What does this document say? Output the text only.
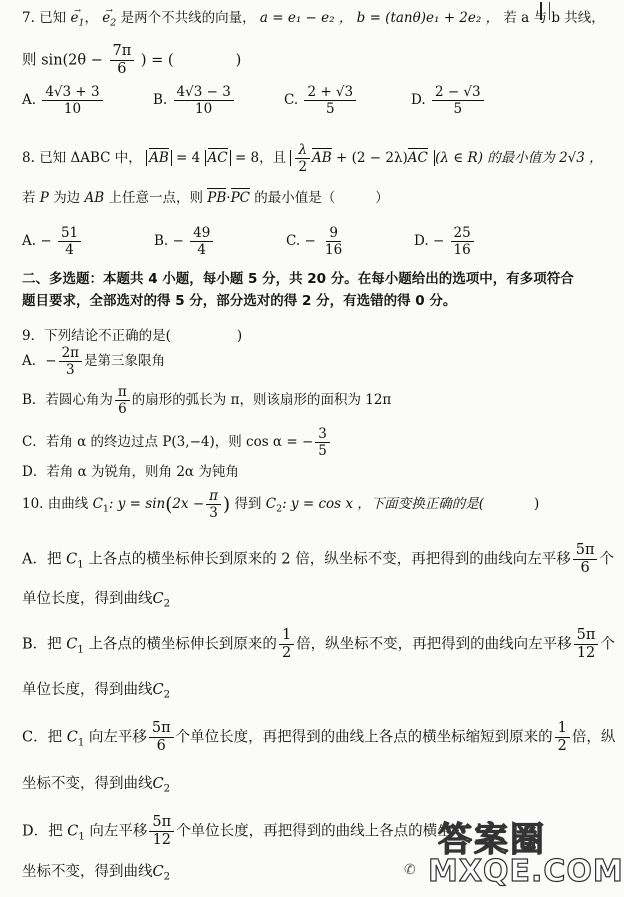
7. 已知 → $e_1$， → $e_2$ 是两个不共线的向量， a = e₁ − e₂ ， b = (tanθ)e₁ + 2e₂ ， 若 a 与 b 共线，
则 $\sin(2\theta - \frac{7\pi}{6}$ ) = (	)
A. $\frac{4√3 + 3}{10}$	B. $\frac{4√3 - 3}{10}$	C. $\frac{2 + √3}{5}$	D. $\frac{2 - √3}{5}$
8. 已知 ΔABC 中， AB = 4 AC = 8，且 $\frac{\lambda}{2}$ AB + (2 − 2λ)AC (λ ∈ R) 的最小值为 2√3 ，
若 P 为边 AB 上任意一点，则 PB·PC 的最小值是（	）
A. − $\frac{51}{4}$	B. − $\frac{49}{4}$	C. − $\frac{9}{16}$	D. − $\frac{25}{16}$
二、多选题：本题共 4 小题，每小题 5 分，共 20 分。在每小题给出的选项中，有多项符合
题目要求，全部选对的得 5 分，部分选对的得 2 分，有选错的得 0 分。
9．下列结论不正确的是(	)
A．− $\frac{2\pi}{3}$ 是第三象限角
B．若圆心角为 $\frac{\pi}{6}$ 的扇形的弧长为 π，则该扇形的面积为 12π
C．若角 α 的终边过点 P(3,−4)，则 cos α = − $\frac{3}{5}$
D．若角 α 为锐角，则角 2α 为钝角
10. 由曲线 $C_1$: $y = \sin(2x - \frac{\pi}{3}$ ) 得到 $C_2$: y = cos x ，下面变换正确的是(	)
A．把 $C_1$ 上各点的横坐标伸长到原来的 2 倍，纵坐标不变，再把得到的曲线向左平移 $\frac{5\pi}{6}$ 个
单位长度，得到曲线$C_2$
B．把 $C_1$ 上各点的横坐标伸长到原来的 $\frac{1}{2}$ 倍，纵坐标不变，再把得到的曲线向左平移 $\frac{5\pi}{12}$ 个
单位长度，得到曲线$C_2$
C．把 $C_1$ 向左平移 $\frac{5\pi}{6}$ 个单位长度，再把得到的曲线上各点的横坐标缩短到原来的 $\frac{1}{2}$ 倍，纵
坐标不变，得到曲线$C_2$
D．把 $C_1$ 向左平移 $\frac{5\pi}{12}$ 个单位长度，再把得到的曲线上各点的横坐
坐标不变，得到曲线$C_2$	✆
答案圈
MXQE.COM
